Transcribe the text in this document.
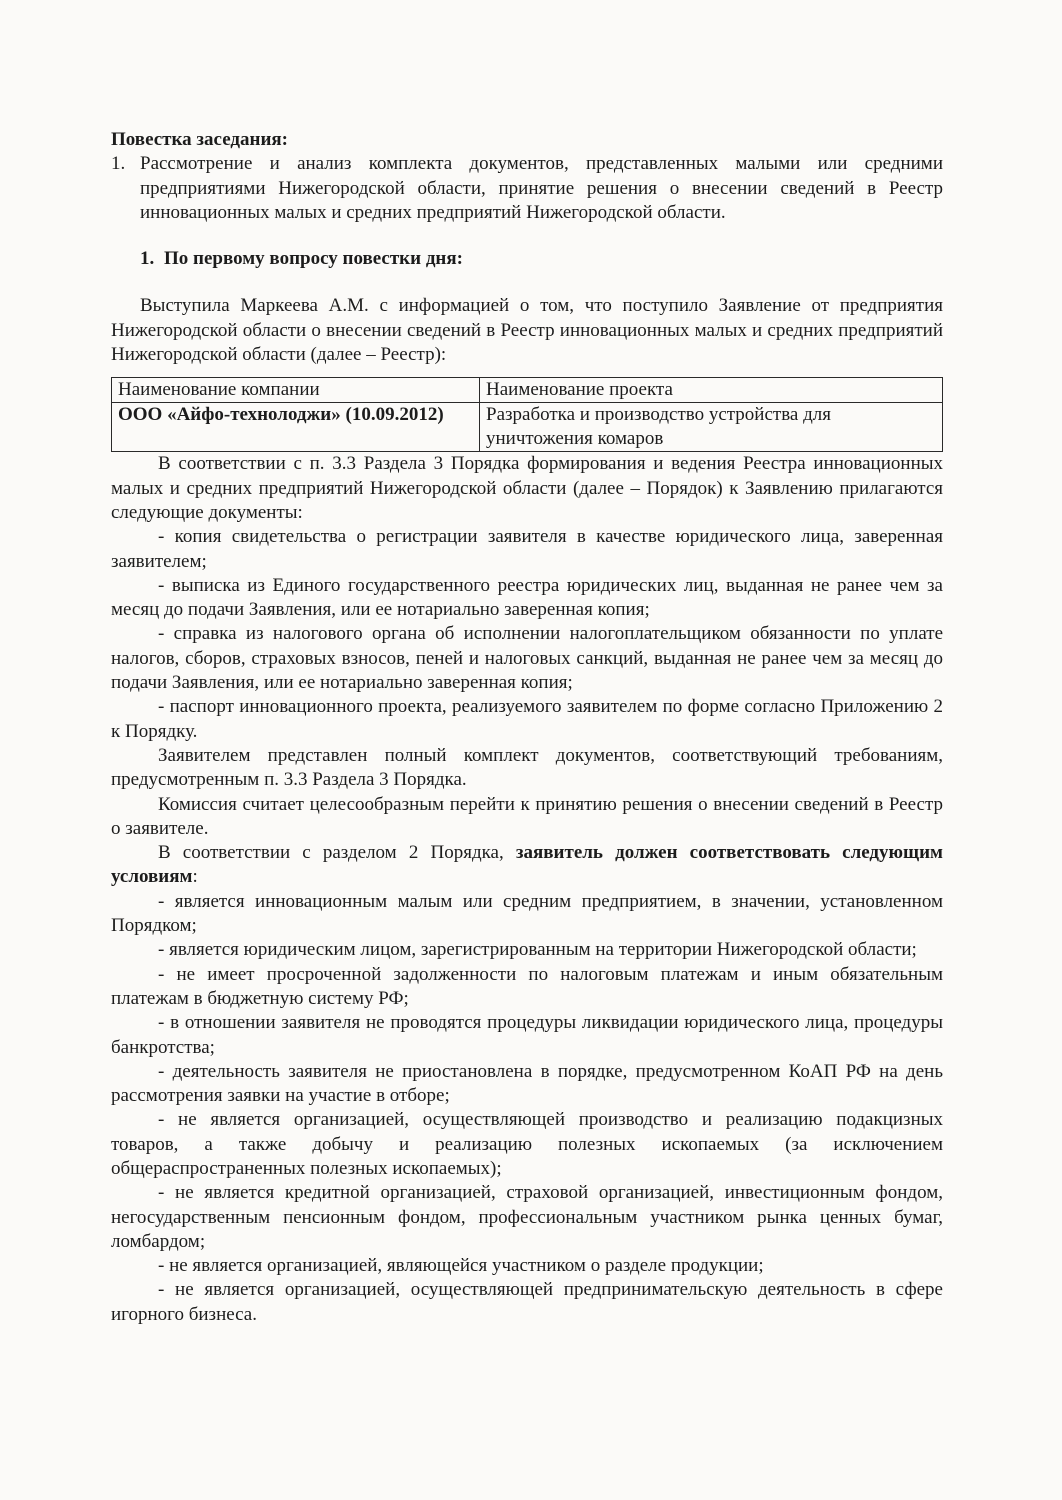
Повестка заседания:

1. Рассмотрение и анализ комплекта документов, представленных малыми или средними предприятиями Нижегородской области, принятие решения о внесении сведений в Реестр инновационных малых и средних предприятий Нижегородской области.

1. По первому вопросу повестки дня:

Выступила Маркеева А.М. с информацией о том, что поступило Заявление от предприятия Нижегородской области о внесении сведений в Реестр инновационных малых и средних предприятий Нижегородской области (далее – Реестр):

Наименование компании	Наименование проекта
ООО «Айфо-технолоджи» (10.09.2012)	Разработка и производство устройства для уничтожения комаров

В соответствии с п. 3.3 Раздела 3 Порядка формирования и ведения Реестра инновационных малых и средних предприятий Нижегородской области (далее – Порядок) к Заявлению прилагаются следующие документы:

- копия свидетельства о регистрации заявителя в качестве юридического лица, заверенная заявителем;

- выписка из Единого государственного реестра юридических лиц, выданная не ранее чем за месяц до подачи Заявления, или ее нотариально заверенная копия;

- справка из налогового органа об исполнении налогоплательщиком обязанности по уплате налогов, сборов, страховых взносов, пеней и налоговых санкций, выданная не ранее чем за месяц до подачи Заявления, или ее нотариально заверенная копия;

- паспорт инновационного проекта, реализуемого заявителем по форме согласно Приложению 2 к Порядку.

Заявителем представлен полный комплект документов, соответствующий требованиям, предусмотренным п. 3.3 Раздела 3 Порядка.

Комиссия считает целесообразным перейти к принятию решения о внесении сведений в Реестр о заявителе.

В соответствии с разделом 2 Порядка, заявитель должен соответствовать следующим условиям:

- является инновационным малым или средним предприятием, в значении, установленном Порядком;

- является юридическим лицом, зарегистрированным на территории Нижегородской области;

- не имеет просроченной задолженности по налоговым платежам и иным обязательным платежам в бюджетную систему РФ;

- в отношении заявителя не проводятся процедуры ликвидации юридического лица, процедуры банкротства;

- деятельность заявителя не приостановлена в порядке, предусмотренном КоАП РФ на день рассмотрения заявки на участие в отборе;

- не является организацией, осуществляющей производство и реализацию подакцизных товаров, а также добычу и реализацию полезных ископаемых (за исключением общераспространенных полезных ископаемых);

- не является кредитной организацией, страховой организацией, инвестиционным фондом, негосударственным пенсионным фондом, профессиональным участником рынка ценных бумаг, ломбардом;

- не является организацией, являющейся участником о разделе продукции;

- не является организацией, осуществляющей предпринимательскую деятельность в сфере игорного бизнеса.
